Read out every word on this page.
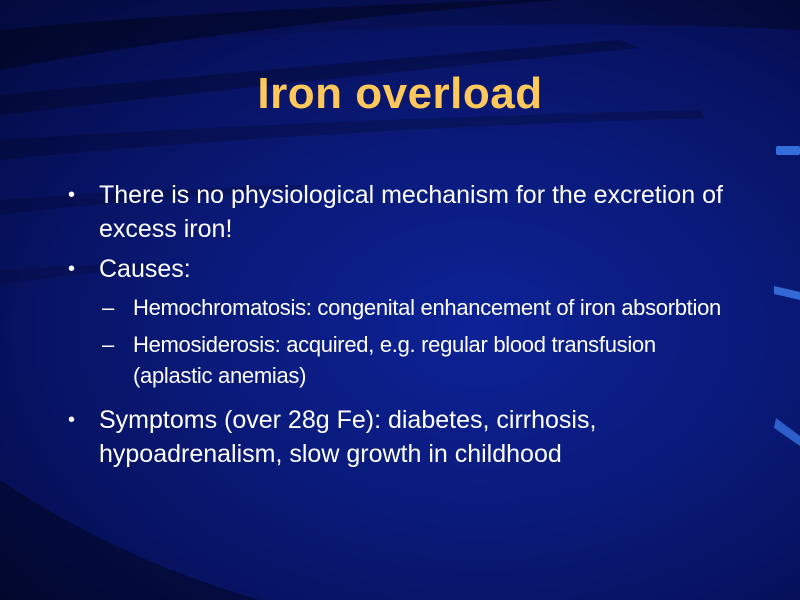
Iron overload
• There is no physiological mechanism for the excretion of excess iron!
• Causes:
– Hemochromatosis: congenital enhancement of iron absorbtion
– Hemosiderosis: acquired, e.g. regular blood transfusion (aplastic anemias)
• Symptoms (over 28g Fe): diabetes, cirrhosis, hypoadrenalism, slow growth in childhood
